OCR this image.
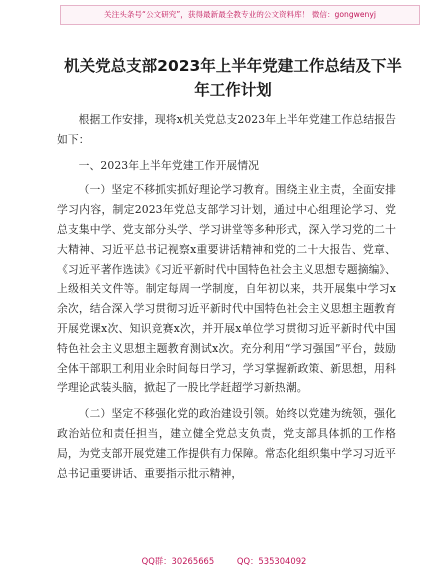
关注头条号“公文研究”，获得最新最全教专业的公文资料库！ 微信：gongwenyj
机关党总支部2023年上半年党建工作总结及下半年工作计划

根据工作安排，现将x机关党总支2023年上半年党建工作总结报告如下：

一、2023年上半年党建工作开展情况

（一）坚定不移抓实抓好理论学习教育。围绕主业主责，全面安排学习内容，制定2023年党总支部学习计划，通过中心组理论学习、党总支集中学、党支部分头学、学习讲堂等多种形式，深入学习党的二十大精神、习近平总书记视察x重要讲话精神和党的二十大报告、党章、《习近平著作选读》《习近平新时代中国特色社会主义思想专题摘编》、上级相关文件等。制定每周一学制度，自年初以来，共开展集中学习x余次，结合深入学习贯彻习近平新时代中国特色社会主义思想主题教育开展党课x次、知识竞赛x次，并开展x单位学习贯彻习近平新时代中国特色社会主义思想主题教育测试x次。充分利用“学习强国”平台，鼓励全体干部职工利用业余时间每日学习，学习掌握新政策、新思想，用科学理论武装头脑，掀起了一股比学赶超学习新热潮。

（二）坚定不移强化党的政治建设引领。始终以党建为统领，强化政治站位和责任担当，建立健全党总支负责，党支部具体抓的工作格局，为党支部开展党建工作提供有力保障。常态化组织集中学习习近平总书记重要讲话、重要指示批示精神，

QQ群：30265665	QQ：535304092
